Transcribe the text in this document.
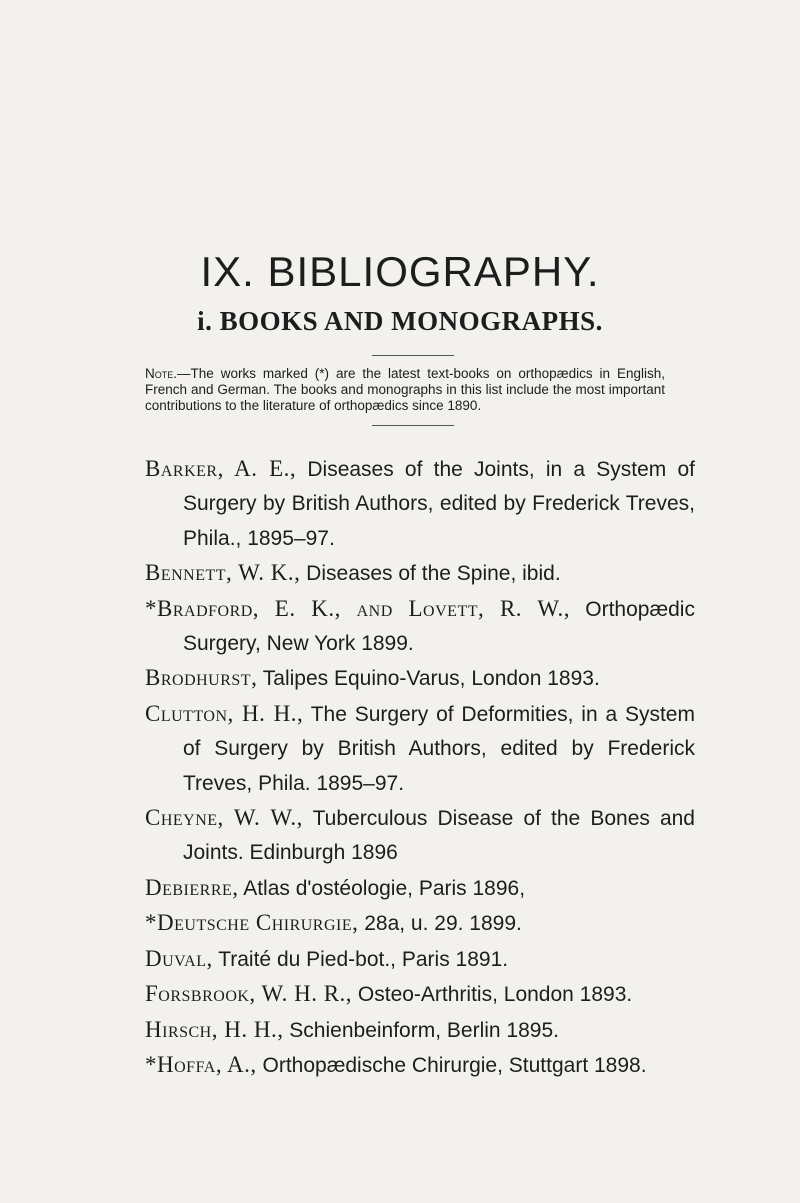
IX. BIBLIOGRAPHY.
i. BOOKS AND MONOGRAPHS.

Note.—The works marked (*) are the latest text-books on orthopædics in English, French and German. The books and monographs in this list include the most important contributions to the literature of orthopædics since 1890.

Barker, A. E., Diseases of the Joints, in a System of Surgery by British Authors, edited by Frederick Treves, Phila., 1895–97.
Bennett, W. K., Diseases of the Spine, ibid.
*Bradford, E. K., and Lovett, R. W., Orthopædic Surgery, New York 1899.
Brodhurst, Talipes Equino-Varus, London 1893.
Clutton, H. H., The Surgery of Deformities, in a System of Surgery by British Authors, edited by Frederick Treves, Phila. 1895–97.
Cheyne, W. W., Tuberculous Disease of the Bones and Joints. Edinburgh 1896
Debierre, Atlas d'ostéologie, Paris 1896,
*Deutsche Chirurgie, 28a, u. 29. 1899.
Duval, Traité du Pied-bot., Paris 1891.
Forsbrook, W. H. R., Osteo-Arthritis, London 1893.
Hirsch, H. H., Schienbeinform, Berlin 1895.
*Hoffa, A., Orthopædische Chirurgie, Stuttgart 1898.
